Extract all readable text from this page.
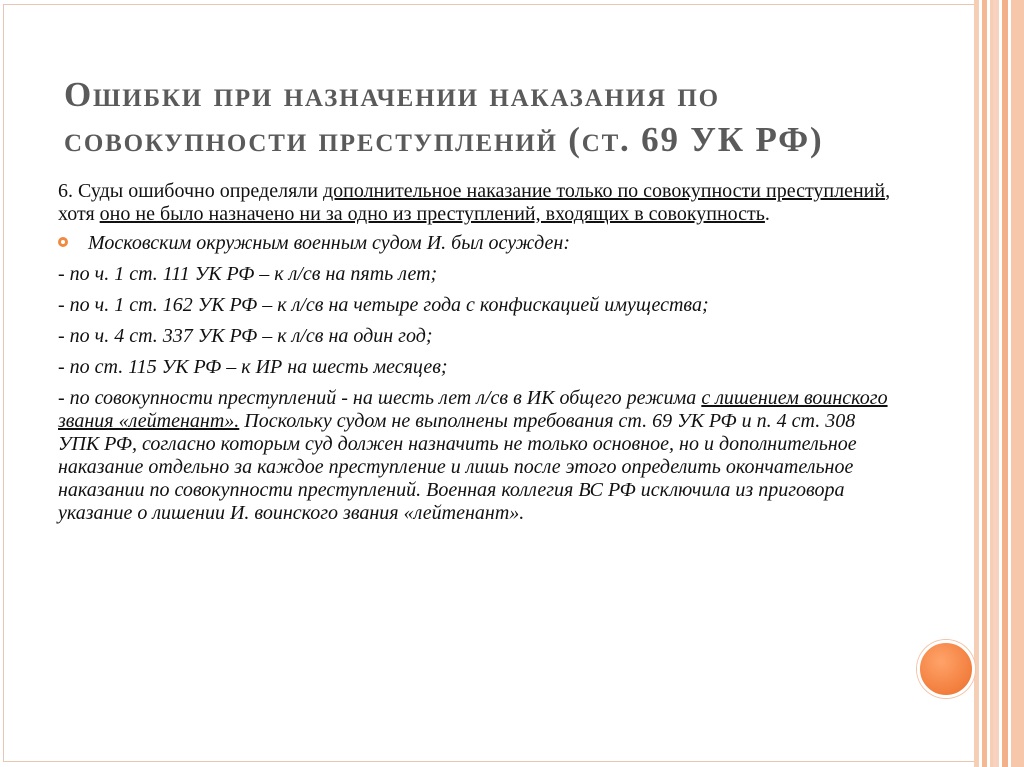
Ошибки при назначении наказания по
совокупности преступлений (ст. 69 УК РФ)

6. Суды ошибочно определяли дополнительное наказание только по совокупности преступлений, хотя оно не было назначено ни за одно из преступлений, входящих в совокупность.

Московским окружным военным судом И. был осужден:

- по ч. 1 ст. 111 УК РФ – к л/св на пять лет;

- по ч. 1 ст. 162 УК РФ – к л/св на четыре года с конфискацией имущества;

- по ч. 4 ст. 337 УК РФ – к л/св на один год;

- по ст. 115 УК РФ – к ИР на шесть месяцев;

- по совокупности преступлений - на шесть лет л/св в ИК общего режима с лишением воинского звания «лейтенант». Поскольку судом не выполнены требования ст. 69 УК РФ и п. 4 ст. 308 УПК РФ, согласно которым суд должен назначить не только основное, но и дополнительное наказание отдельно за каждое преступление и лишь после этого определить окончательное наказании по совокупности преступлений. Военная коллегия ВС РФ исключила из приговора указание о лишении И. воинского звания «лейтенант».
